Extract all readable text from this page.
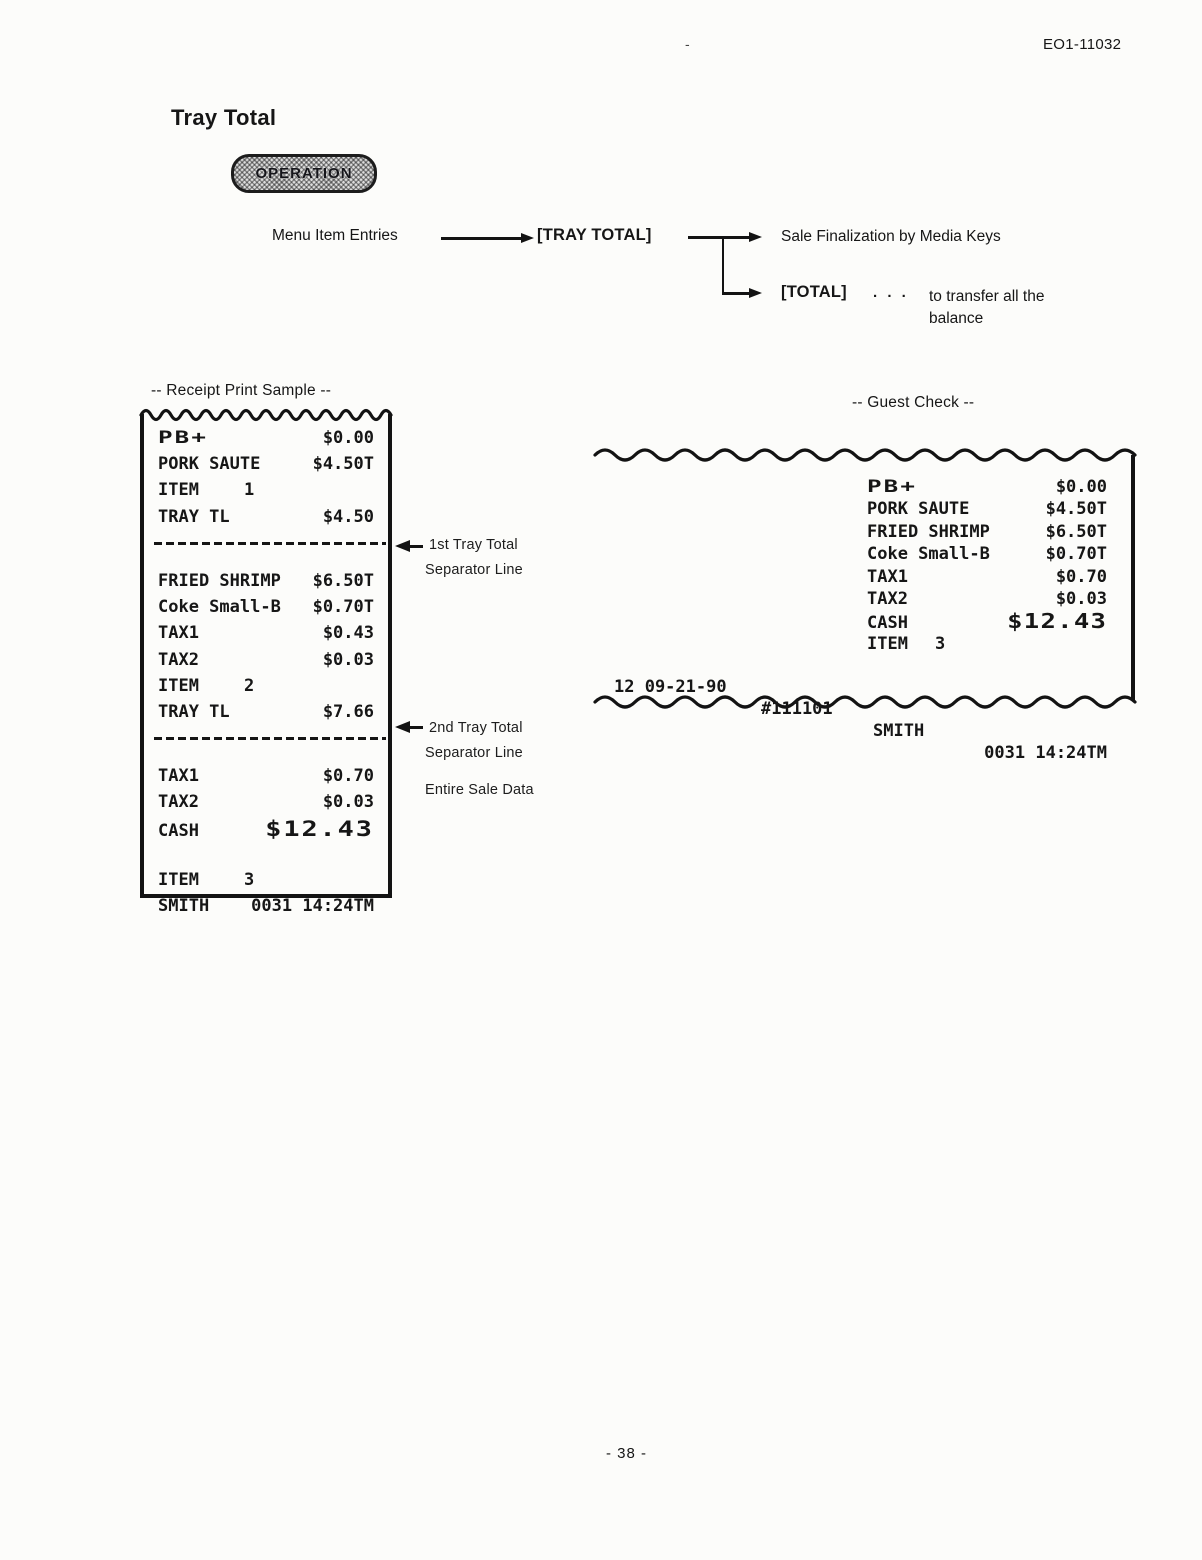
EO1-11032
-
Tray Total
OPERATION
Menu Item Entries	[TRAY TOTAL]	Sale Finalization by Media Keys
[TOTAL] . . . to transfer all the
balance
-- Receipt Print Sample --
PB+	$0.00
PORK SAUTE	$4.50T
ITEM	1
TRAY TL	$4.50
FRIED SHRIMP $6.50T
Coke Small-B $0.70T
TAX1	$0.43
TAX2	$0.03
ITEM	2
TRAY TL	$7.66
TAX1	$0.70
TAX2	$0.03
CASH	$12.43
ITEM	3
SMITH 0031 14:24TM
1st Tray Total
Separator Line
2nd Tray Total
Separator Line
Entire Sale Data
-- Guest Check --
PB+	$0.00
PORK SAUTE	$4.50T
FRIED SHRIMP	$6.50T
Coke Small-B	$0.70T
TAX1	$0.70
TAX2	$0.03
CASH	$12.43
ITEM	3

12 09-21-90

#111101

SMITH

0031 14:24TM

- 38 -
